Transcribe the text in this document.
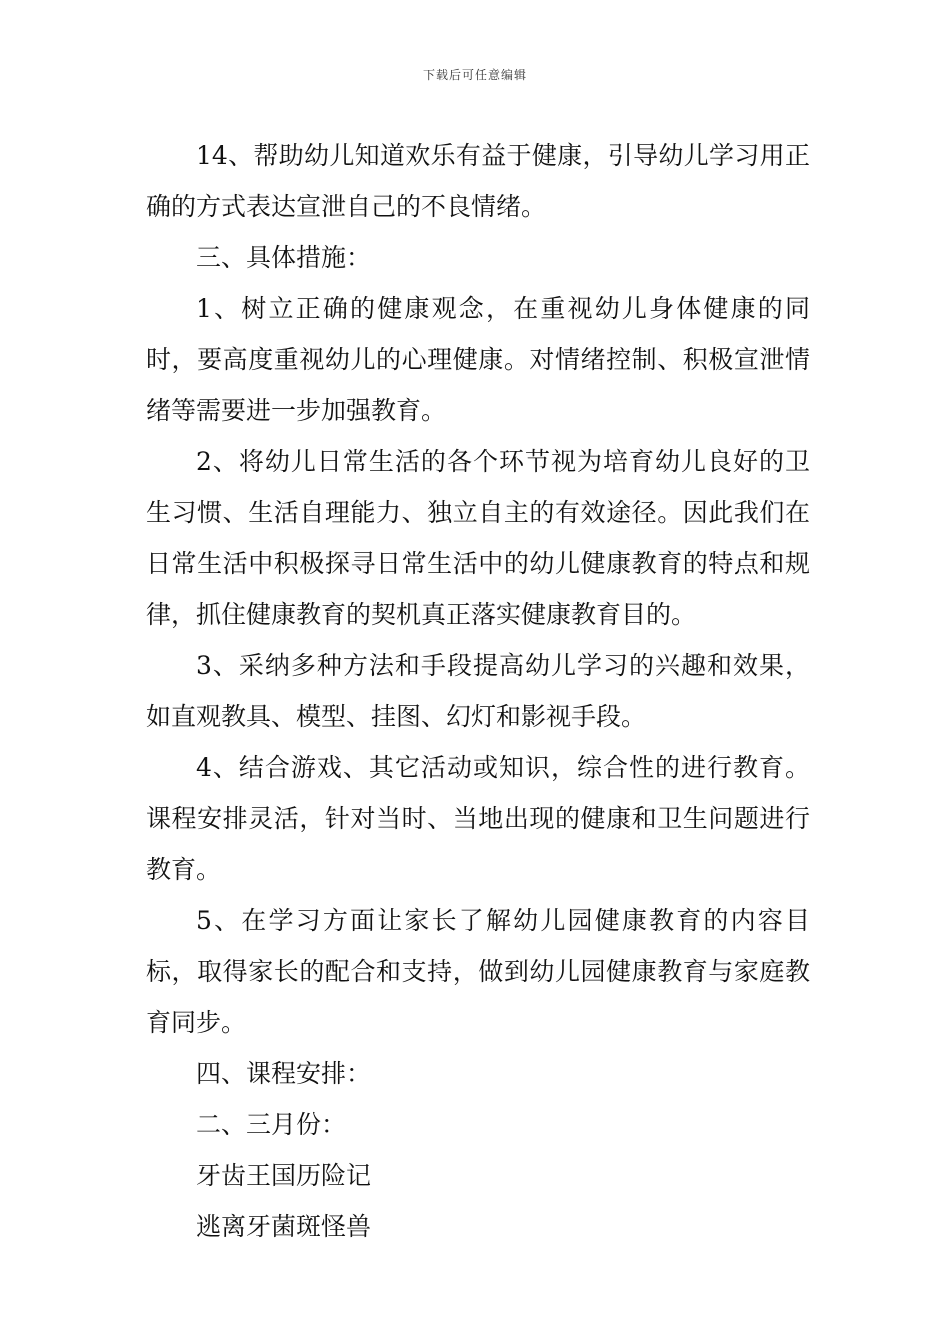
下载后可任意编辑

14、帮助幼儿知道欢乐有益于健康，引导幼儿学习用正确的方式表达宣泄自己的不良情绪。

三、具体措施：

1、树立正确的健康观念，在重视幼儿身体健康的同时，要高度重视幼儿的心理健康。对情绪控制、积极宣泄情绪等需要进一步加强教育。

2、将幼儿日常生活的各个环节视为培育幼儿良好的卫生习惯、生活自理能力、独立自主的有效途径。因此我们在日常生活中积极探寻日常生活中的幼儿健康教育的特点和规律，抓住健康教育的契机真正落实健康教育目的。

3、采纳多种方法和手段提高幼儿学习的兴趣和效果，如直观教具、模型、挂图、幻灯和影视手段。

4、结合游戏、其它活动或知识，综合性的进行教育。课程安排灵活，针对当时、当地出现的健康和卫生问题进行教育。

5、在学习方面让家长了解幼儿园健康教育的内容目标，取得家长的配合和支持，做到幼儿园健康教育与家庭教育同步。

四、课程安排：

二、三月份：

牙齿王国历险记

逃离牙菌斑怪兽
